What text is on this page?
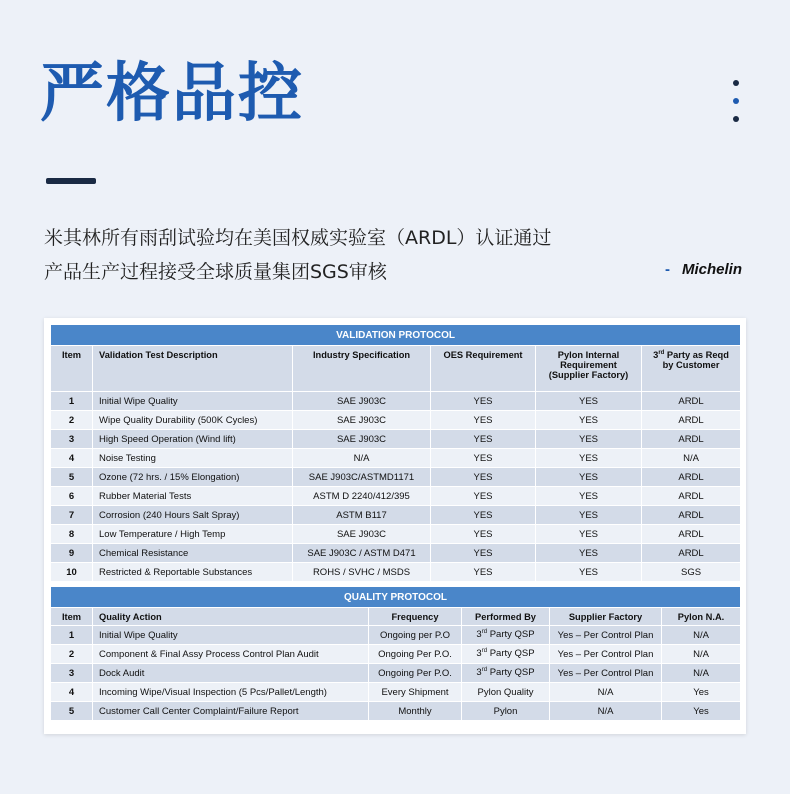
严格品控
米其林所有雨刮试验均在美国权威实验室（ARDL）认证通过
产品生产过程接受全球质量集团SGS审核	- Michelin
VALIDATION PROTOCOL					
Item	Validation Test Description	Industry Specification	OES Requirement	Pylon Internal Requirement (Supplier Factory)	3rd Party as Reqd by Customer
1	Initial Wipe Quality	SAE J903C	YES	YES	ARDL
2	Wipe Quality Durability (500K Cycles)	SAE J903C	YES	YES	ARDL
3	High Speed Operation (Wind lift)	SAE J903C	YES	YES	ARDL
4	Noise Testing	N/A	YES	YES	N/A
5	Ozone (72 hrs. / 15% Elongation)	SAE J903C/ASTMD1171	YES	YES	ARDL
6	Rubber Material Tests	ASTM D 2240/412/395	YES	YES	ARDL
7	Corrosion (240 Hours Salt Spray)	ASTM B117	YES	YES	ARDL
8	Low Temperature / High Temp	SAE J903C	YES	YES	ARDL
9	Chemical Resistance	SAE J903C / ASTM D471	YES	YES	ARDL
10	Restricted & Reportable Substances	ROHS / SVHC / MSDS	YES	YES	SGS
QUALITY PROTOCOL					
Item	Quality Action	Frequency	Performed By	Supplier Factory	Pylon N.A.
1	Initial Wipe Quality	Ongoing per P.O	3rd Party QSP	Yes – Per Control Plan	N/A
2	Component & Final Assy Process Control Plan Audit	Ongoing Per P.O.	3rd Party QSP	Yes – Per Control Plan	N/A
3	Dock Audit	Ongoing Per P.O.	3rd Party QSP	Yes – Per Control Plan	N/A
4	Incoming Wipe/Visual Inspection (5 Pcs/Pallet/Length)	Every Shipment	Pylon Quality	N/A	Yes
5	Customer Call Center Complaint/Failure Report	Monthly	Pylon	N/A	Yes
